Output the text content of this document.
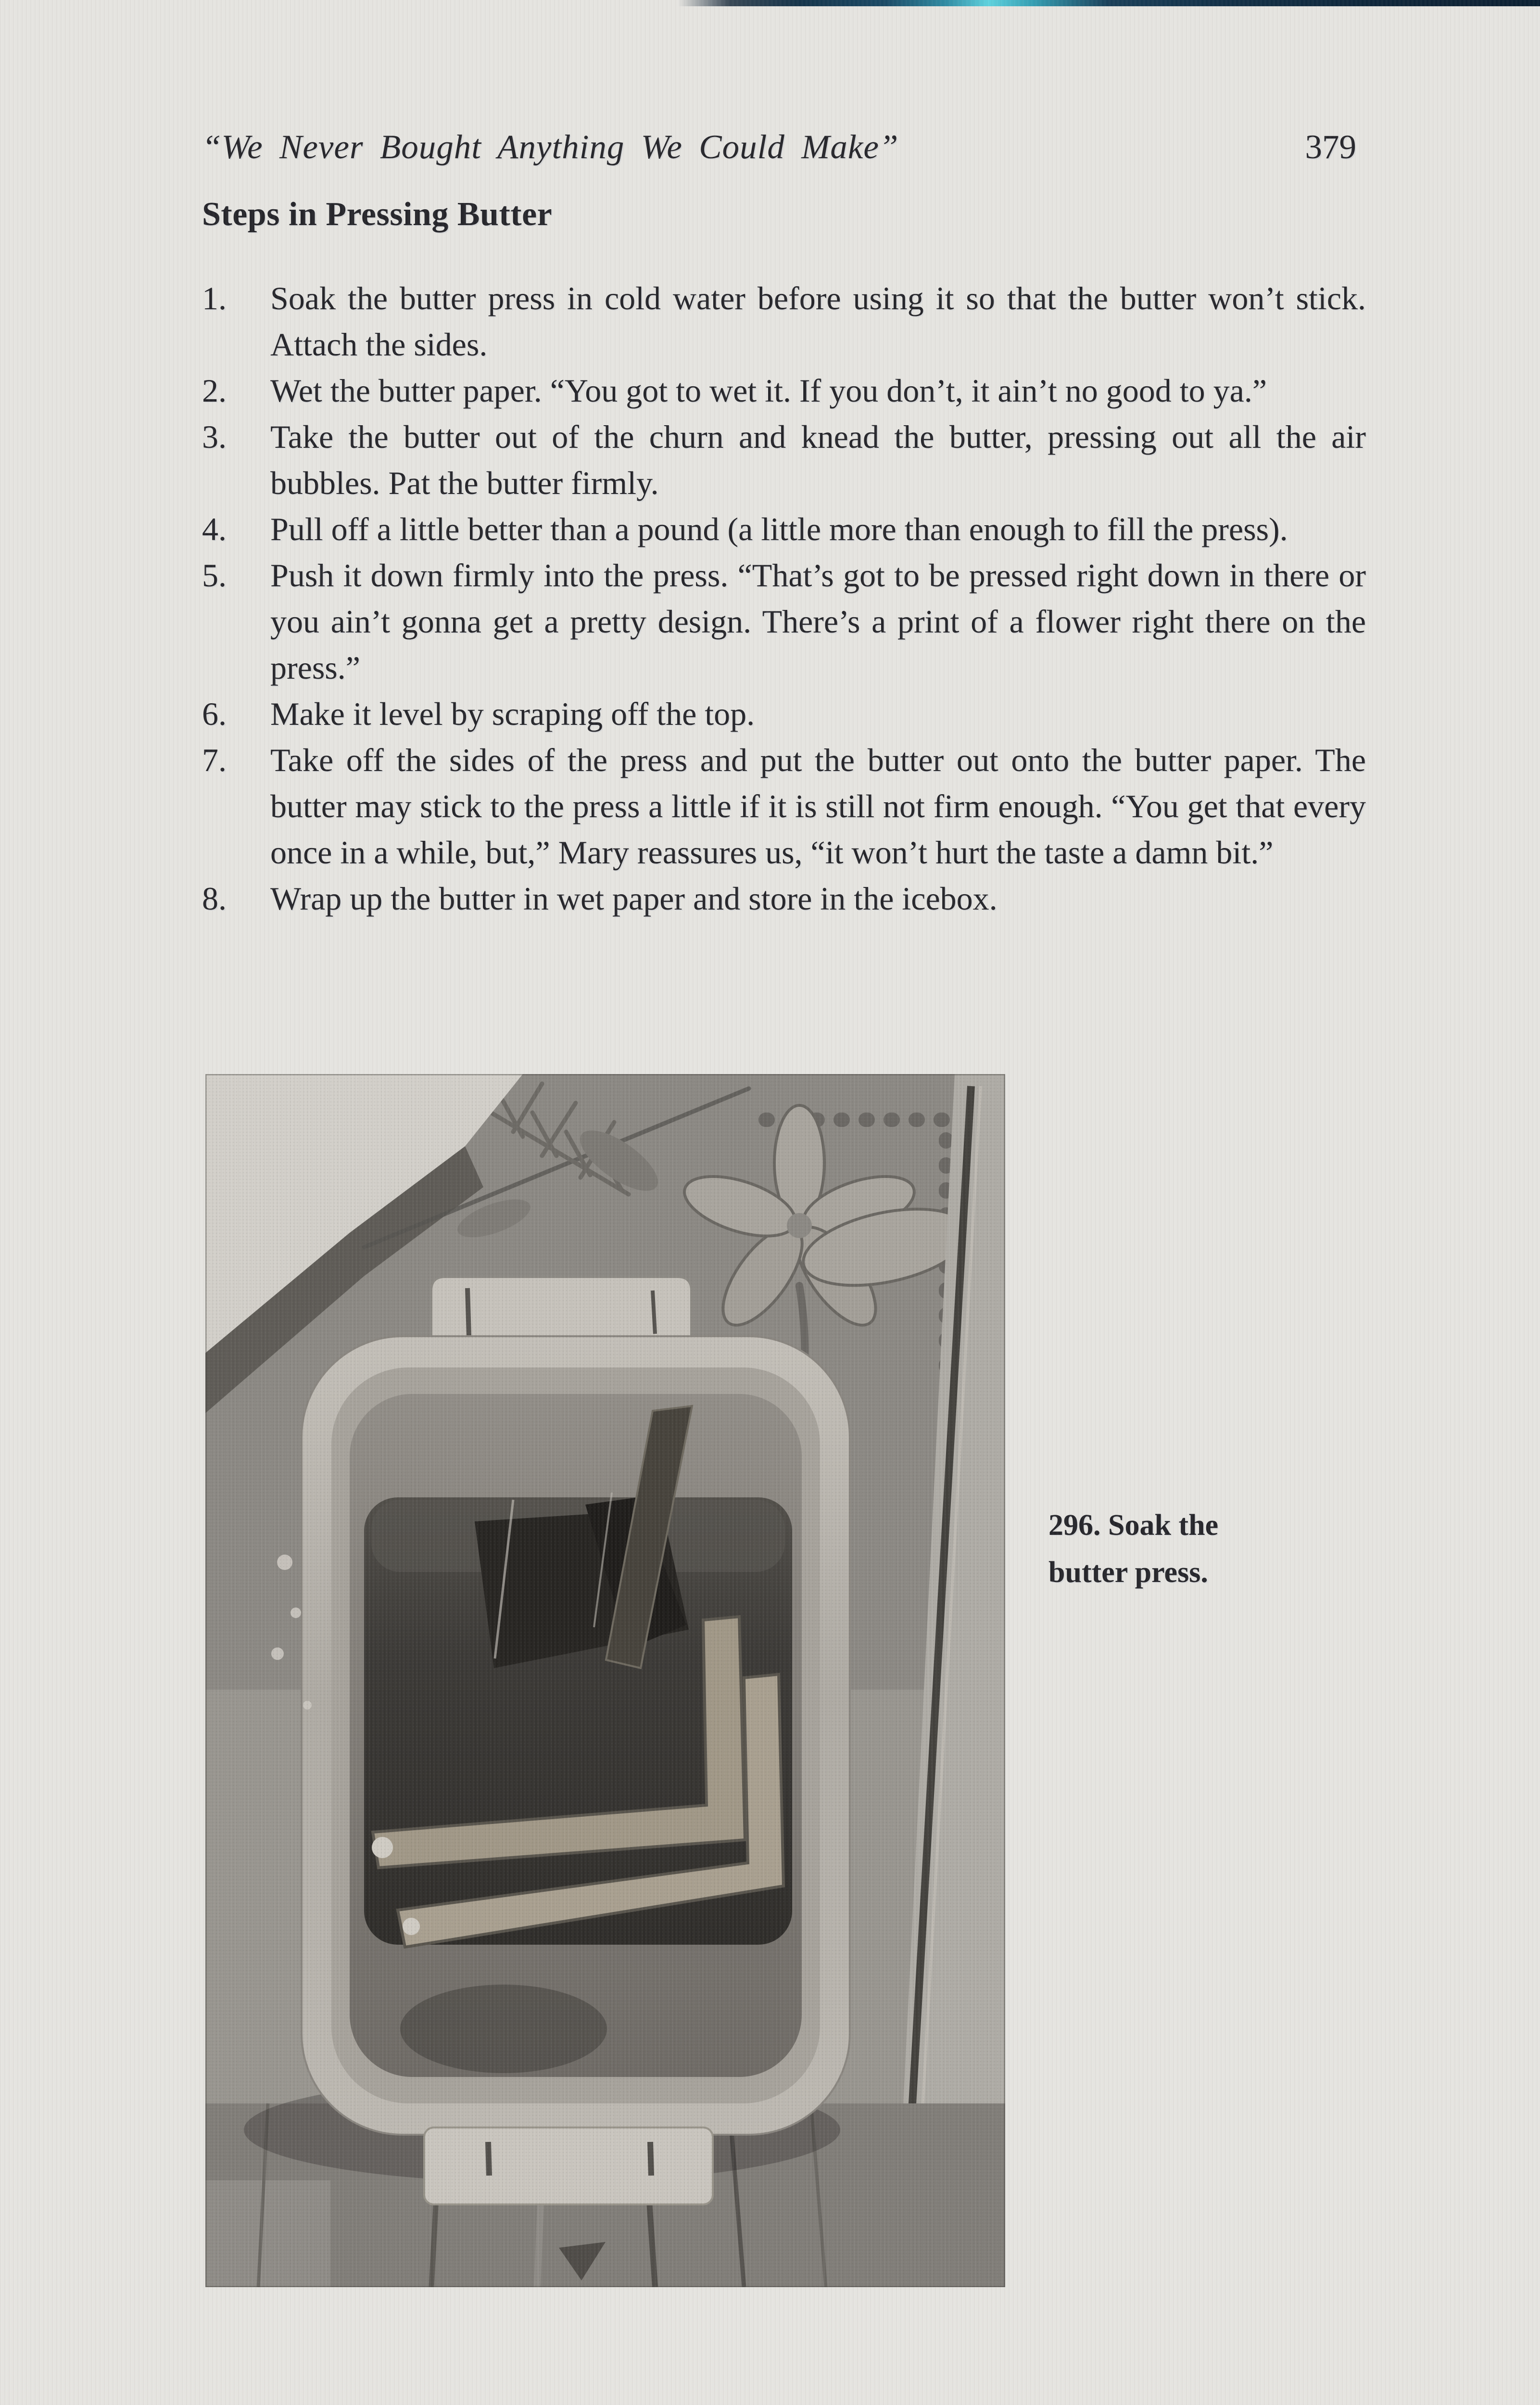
“We Never Bought Anything We Could Make”	379
Steps in Pressing Butter
1.	Soak the butter press in cold water before using it so that the butter won’t stick. Attach the sides.
2.	Wet the butter paper. “You got to wet it. If you don’t, it ain’t no good to ya.”
3.	Take the butter out of the churn and knead the butter, pressing out all the air bubbles. Pat the butter firmly.
4.	Pull off a little better than a pound (a little more than enough to fill the press).
5.	Push it down firmly into the press. “That’s got to be pressed right down in there or you ain’t gonna get a pretty design. There’s a print of a flower right there on the press.”
6.	Make it level by scraping off the top.
7.	Take off the sides of the press and put the butter out onto the butter paper. The butter may stick to the press a little if it is still not firm enough. “You get that every once in a while, but,” Mary reassures us, “it won’t hurt the taste a damn bit.”
8.	Wrap up the butter in wet paper and store in the icebox.
296. Soak the butter press.
